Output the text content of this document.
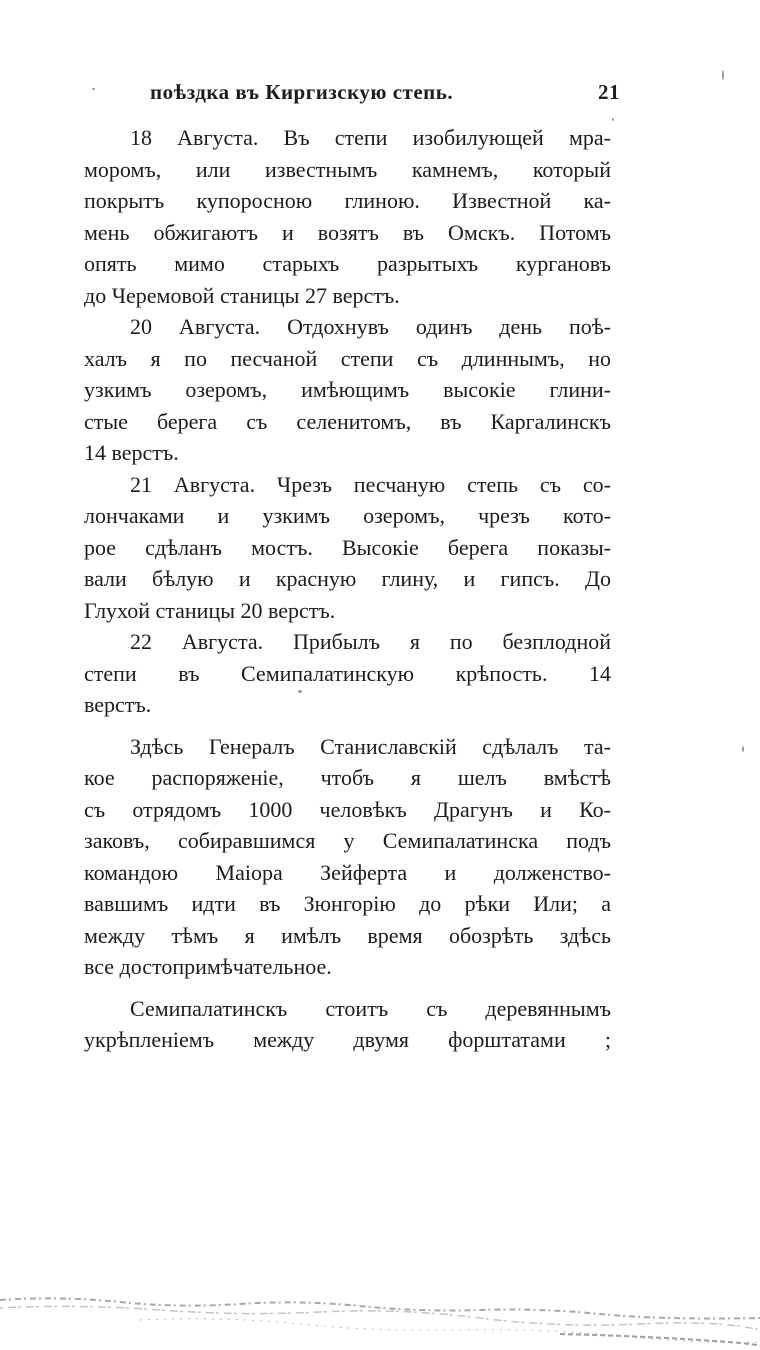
поѣздка въ Киргизскую степь.	21
18 Августа. Въ степи изобилующей мра-
моромъ, или известнымъ камнемъ, который
покрытъ купоросною глиною. Известной ка-
мень обжигаютъ и возятъ въ Омскъ. Потомъ
опять мимо старыхъ разрытыхъ кургановъ
до Черемовой станицы 27 верстъ.
20 Августа. Отдохнувъ одинъ день поѣ-
халъ я по песчаной степи съ длиннымъ, но
узкимъ озеромъ, имѣющимъ высокіе глини-
стые берега съ селенитомъ, въ Каргалинскъ
14 верстъ.
21 Августа. Чрезъ песчаную степь съ со-
лончаками и узкимъ озеромъ, чрезъ кото-
рое сдѣланъ мостъ. Высокіе берега показы-
вали бѣлую и красную глину, и гипсъ. До
Глухой станицы 20 верстъ.
22 Августа. Прибылъ я по безплодной
степи въ Семипалатинскую крѣпость. 14
верстъ.
Здѣсь Генералъ Станиславскій сдѣлалъ та-
кое распоряженіе, чтобъ я шелъ вмѣстѣ
съ отрядомъ 1000 человѣкъ Драгунъ и Ко-
заковъ, собиравшимся у Семипалатинска подъ
командою Маіора Зейферта и долженство-
вавшимъ идти въ Зюнгорію до рѣки Или; а
между тѣмъ я имѣлъ время обозрѣть здѣсь
все достопримѣчательное.
Семипалатинскъ стоитъ съ деревяннымъ
укрѣпленіемъ между двумя форштатами ;
